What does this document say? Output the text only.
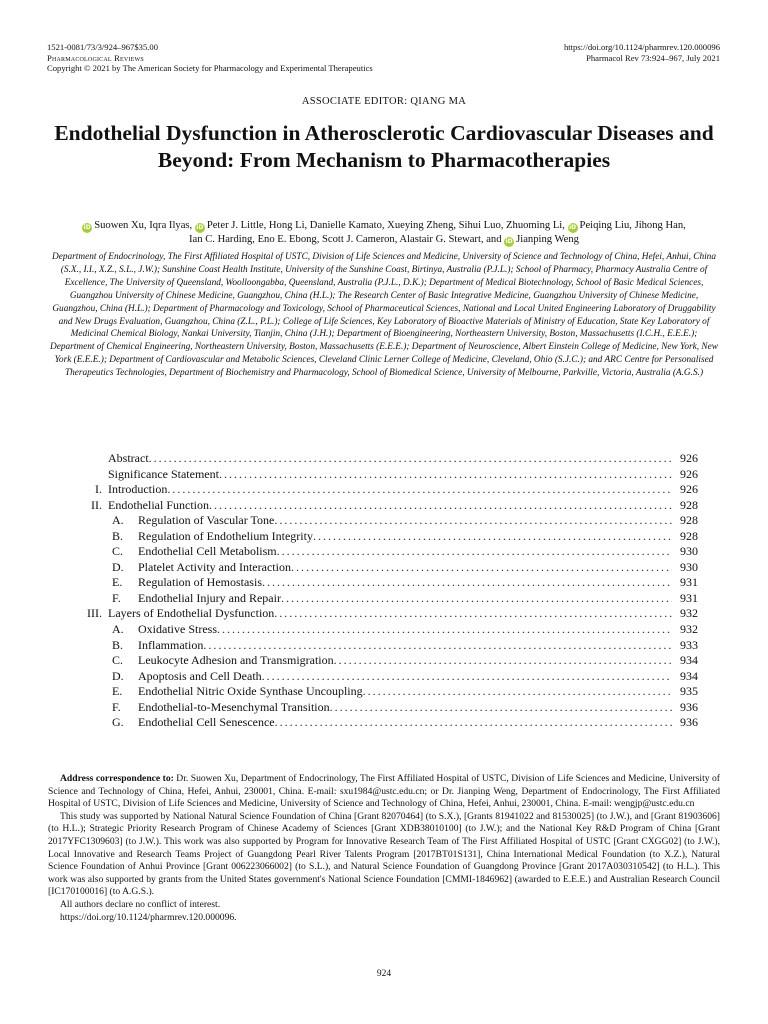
1521-0081/73/3/924–967$35.00
Pharmacological Reviews
Copyright © 2021 by The American Society for Pharmacology and Experimental Therapeutics
https://doi.org/10.1124/pharmrev.120.000096
Pharmacol Rev 73:924–967, July 2021
ASSOCIATE EDITOR: QIANG MA
Endothelial Dysfunction in Atherosclerotic Cardiovascular Diseases and Beyond: From Mechanism to Pharmacotherapies
iD Suowen Xu, Iqra Ilyas, iD Peter J. Little, Hong Li, Danielle Kamato, Xueying Zheng, Sihui Luo, Zhuoming Li, iD Peiqing Liu, Jihong Han,
Ian C. Harding, Eno E. Ebong, Scott J. Cameron, Alastair G. Stewart, and iD Jianping Weng
Department of Endocrinology, The First Affiliated Hospital of USTC, Division of Life Sciences and Medicine, University of Science and Technology of China, Hefei, Anhui, China (S.X., I.I., X.Z., S.L., J.W.); Sunshine Coast Health Institute, University of the Sunshine Coast, Birtinya, Australia (P.J.L.); School of Pharmacy, Pharmacy Australia Centre of Excellence, The University of Queensland, Woolloongabba, Queensland, Australia (P.J.L., D.K.); Department of Medical Biotechnology, School of Basic Medical Sciences, Guangzhou University of Chinese Medicine, Guangzhou, China (H.L.); The Research Center of Basic Integrative Medicine, Guangzhou University of Chinese Medicine, Guangzhou, China (H.L.); Department of Pharmacology and Toxicology, School of Pharmaceutical Sciences, National and Local United Engineering Laboratory of Druggability and New Drugs Evaluation, Guangzhou, China (Z.L., P.L.); College of Life Sciences, Key Laboratory of Bioactive Materials of Ministry of Education, State Key Laboratory of Medicinal Chemical Biology, Nankai University, Tianjin, China (J.H.); Department of Bioengineering, Northeastern University, Boston, Massachusetts (I.C.H., E.E.E.); Department of Chemical Engineering, Northeastern University, Boston, Massachusetts (E.E.E.); Department of Neuroscience, Albert Einstein College of Medicine, New York, New York (E.E.E.); Department of Cardiovascular and Metabolic Sciences, Cleveland Clinic Lerner College of Medicine, Cleveland, Ohio (S.J.C.); and ARC Centre for Personalised Therapeutics Technologies, Department of Biochemistry and Pharmacology, School of Biomedical Science, University of Melbourne, Parkville, Victoria, Australia (A.G.S.)
Abstract . . .	926
Significance Statement . . .	926
I. Introduction . . .	926
II. Endothelial Function . . .	928
A.	Regulation of Vascular Tone . . .	928
B.	Regulation of Endothelium Integrity . . .	928
C.	Endothelial Cell Metabolism . . .	930
D.	Platelet Activity and Interaction . . .	930
E.	Regulation of Hemostasis . . .	931
F.	Endothelial Injury and Repair . . .	931
III. Layers of Endothelial Dysfunction . . .	932
A.	Oxidative Stress . . .	932
B.	Inflammation . . .	933
C.	Leukocyte Adhesion and Transmigration . . .	934
D.	Apoptosis and Cell Death . . .	934
E.	Endothelial Nitric Oxide Synthase Uncoupling . . .	935
F.	Endothelial-to-Mesenchymal Transition . . .	936
G.	Endothelial Cell Senescence . . .	936

Address correspondence to: Dr. Suowen Xu, Department of Endocrinology, The First Affiliated Hospital of USTC, Division of Life Sciences and Medicine, University of Science and Technology of China, Hefei, Anhui, 230001, China. E-mail: sxu1984@ustc.edu.cn; or Dr. Jianping Weng, Department of Endocrinology, The First Affiliated Hospital of USTC, Division of Life Sciences and Medicine, University of Science and Technology of China, Hefei, Anhui, 230001, China. E-mail: wengjp@ustc.edu.cn

This study was supported by National Natural Science Foundation of China [Grant 82070464] (to S.X.), [Grants 81941022 and 81530025] (to J.W.), and [Grant 81903606] (to H.L.); Strategic Priority Research Program of Chinese Academy of Sciences [Grant XDB38010100] (to J.W.); and the National Key R&D Program of China [Grant 2017YFC1309603] (to J.W.). This work was also supported by Program for Innovative Research Team of The First Affiliated Hospital of USTC [Grant CXGG02] (to J.W.), Local Innovative and Research Teams Project of Guangdong Pearl River Talents Program [2017BT01S131], China International Medical Foundation (to X.Z.), Natural Science Foundation of Anhui Province [Grant 006223066002] (to S.L.), and Natural Science Foundation of Guangdong Province [Grant 2017A030310542] (to H.L.). This work was also supported by grants from the United States government's National Science Foundation [CMMI-1846962] (awarded to E.E.E.) and Australian Research Council [IC170100016] (to A.G.S.).

All authors declare no conflict of interest.

https://doi.org/10.1124/pharmrev.120.000096.

924
